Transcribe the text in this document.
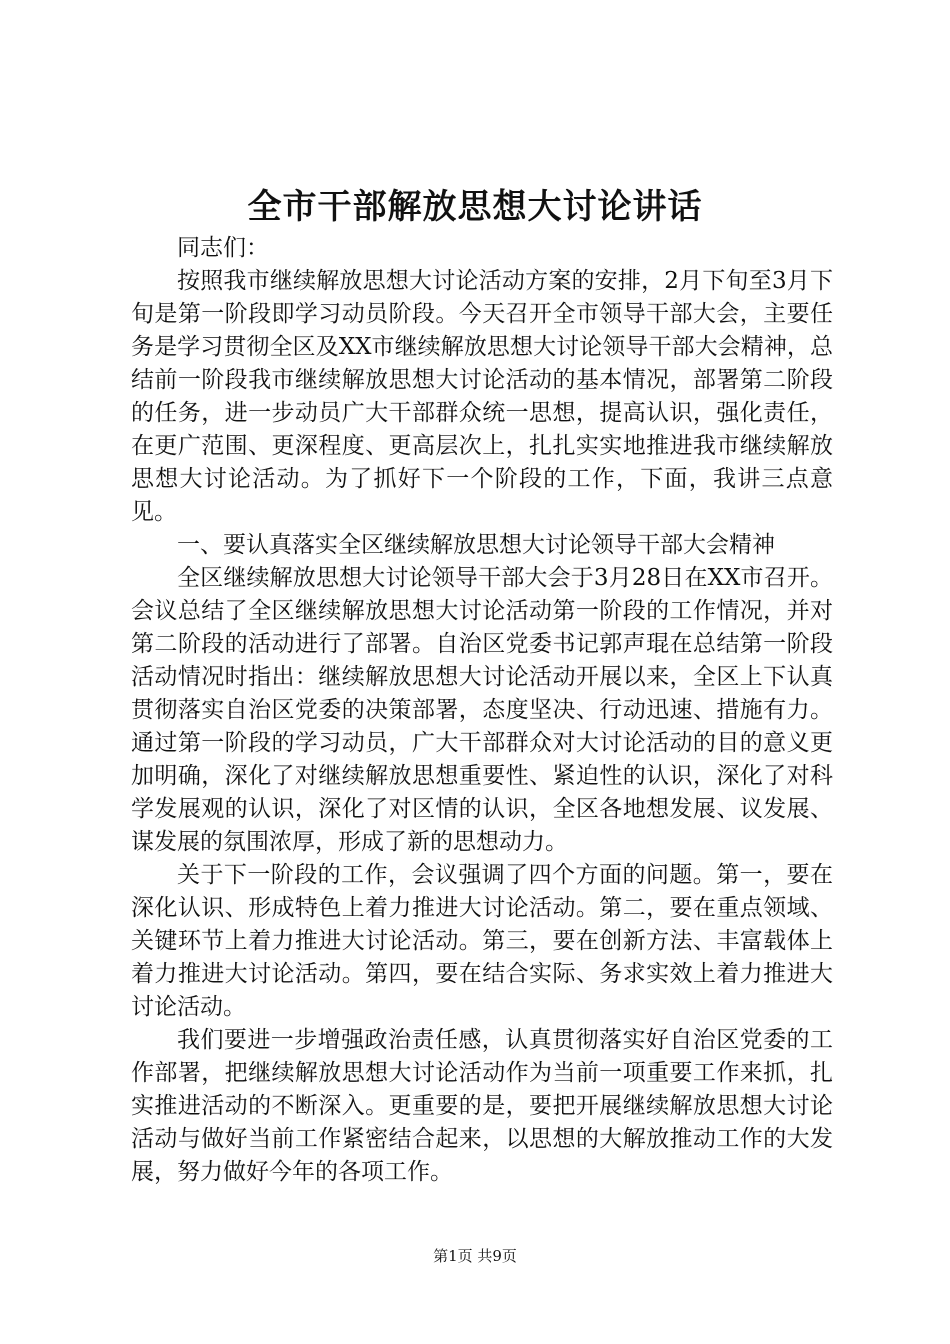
全市干部解放思想大讨论讲话

同志们：

按照我市继续解放思想大讨论活动方案的安排，2月下旬至3月下旬是第一阶段即学习动员阶段。今天召开全市领导干部大会，主要任务是学习贯彻全区及XX市继续解放思想大讨论领导干部大会精神，总结前一阶段我市继续解放思想大讨论活动的基本情况，部署第二阶段的任务，进一步动员广大干部群众统一思想，提高认识，强化责任，在更广范围、更深程度、更高层次上，扎扎实实地推进我市继续解放思想大讨论活动。为了抓好下一个阶段的工作，下面，我讲三点意见。

一、要认真落实全区继续解放思想大讨论领导干部大会精神

全区继续解放思想大讨论领导干部大会于3月28日在XX市召开。会议总结了全区继续解放思想大讨论活动第一阶段的工作情况，并对第二阶段的活动进行了部署。自治区党委书记郭声琨在总结第一阶段活动情况时指出：继续解放思想大讨论活动开展以来，全区上下认真贯彻落实自治区党委的决策部署，态度坚决、行动迅速、措施有力。通过第一阶段的学习动员，广大干部群众对大讨论活动的目的意义更加明确，深化了对继续解放思想重要性、紧迫性的认识，深化了对科学发展观的认识，深化了对区情的认识，全区各地想发展、议发展、谋发展的氛围浓厚，形成了新的思想动力。

关于下一阶段的工作，会议强调了四个方面的问题。第一，要在深化认识、形成特色上着力推进大讨论活动。第二，要在重点领域、关键环节上着力推进大讨论活动。第三，要在创新方法、丰富载体上着力推进大讨论活动。第四，要在结合实际、务求实效上着力推进大讨论活动。

我们要进一步增强政治责任感，认真贯彻落实好自治区党委的工作部署，把继续解放思想大讨论活动作为当前一项重要工作来抓，扎实推进活动的不断深入。更重要的是，要把开展继续解放思想大讨论活动与做好当前工作紧密结合起来，以思想的大解放推动工作的大发展，努力做好今年的各项工作。

第1页 共9页
